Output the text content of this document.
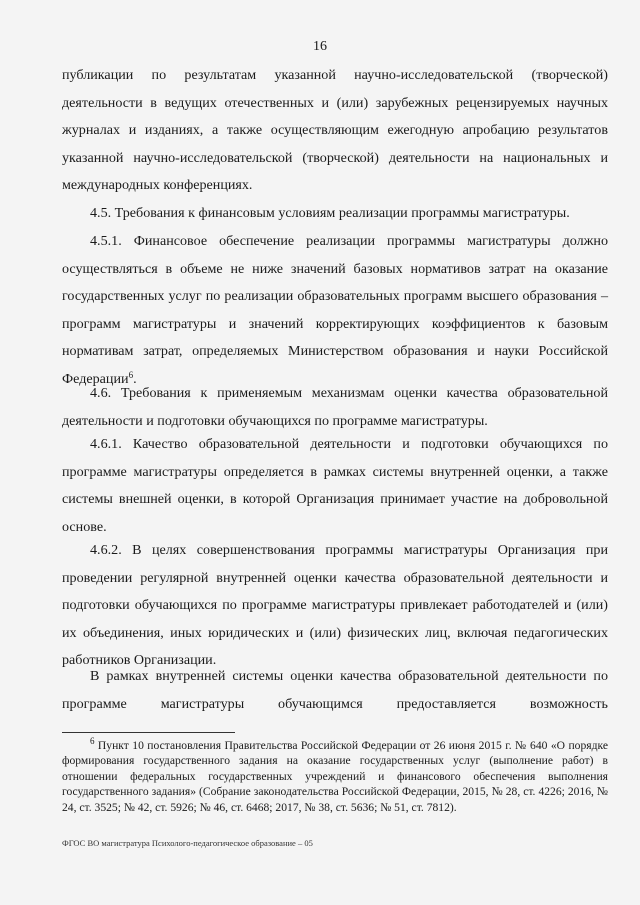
16

публикации по результатам указанной научно-исследовательской (творческой) деятельности в ведущих отечественных и (или) зарубежных рецензируемых научных журналах и изданиях, а также осуществляющим ежегодную апробацию результатов указанной научно-исследовательской (творческой) деятельности на национальных и международных конференциях.

4.5. Требования к финансовым условиям реализации программы магистратуры.

4.5.1. Финансовое обеспечение реализации программы магистратуры должно осуществляться в объеме не ниже значений базовых нормативов затрат на оказание государственных услуг по реализации образовательных программ высшего образования – программ магистратуры и значений корректирующих коэффициентов к базовым нормативам затрат, определяемых Министерством образования и науки Российской Федерации$^6$.

4.6. Требования к применяемым механизмам оценки качества образовательной деятельности и подготовки обучающихся по программе магистратуры.

4.6.1. Качество образовательной деятельности и подготовки обучающихся по программе магистратуры определяется в рамках системы внутренней оценки, а также системы внешней оценки, в которой Организация принимает участие на добровольной основе.

4.6.2. В целях совершенствования программы магистратуры Организация при проведении регулярной внутренней оценки качества образовательной деятельности и подготовки обучающихся по программе магистратуры привлекает работодателей и (или) их объединения, иных юридических и (или) физических лиц, включая педагогических работников Организации.

В рамках внутренней системы оценки качества образовательной деятельности по программе магистратуры обучающимся предоставляется возможность

$^6$ Пункт 10 постановления Правительства Российской Федерации от 26 июня 2015 г. № 640 «О порядке формирования государственного задания на оказание государственных услуг (выполнение работ) в отношении федеральных государственных учреждений и финансового обеспечения выполнения государственного задания» (Собрание законодательства Российской Федерации, 2015, № 28, ст. 4226; 2016, № 24, ст. 3525; № 42, ст. 5926; № 46, ст. 6468; 2017, № 38, ст. 5636; № 51, ст. 7812).

ФГОС ВО магистратура Психолого-педагогическое образование – 05
